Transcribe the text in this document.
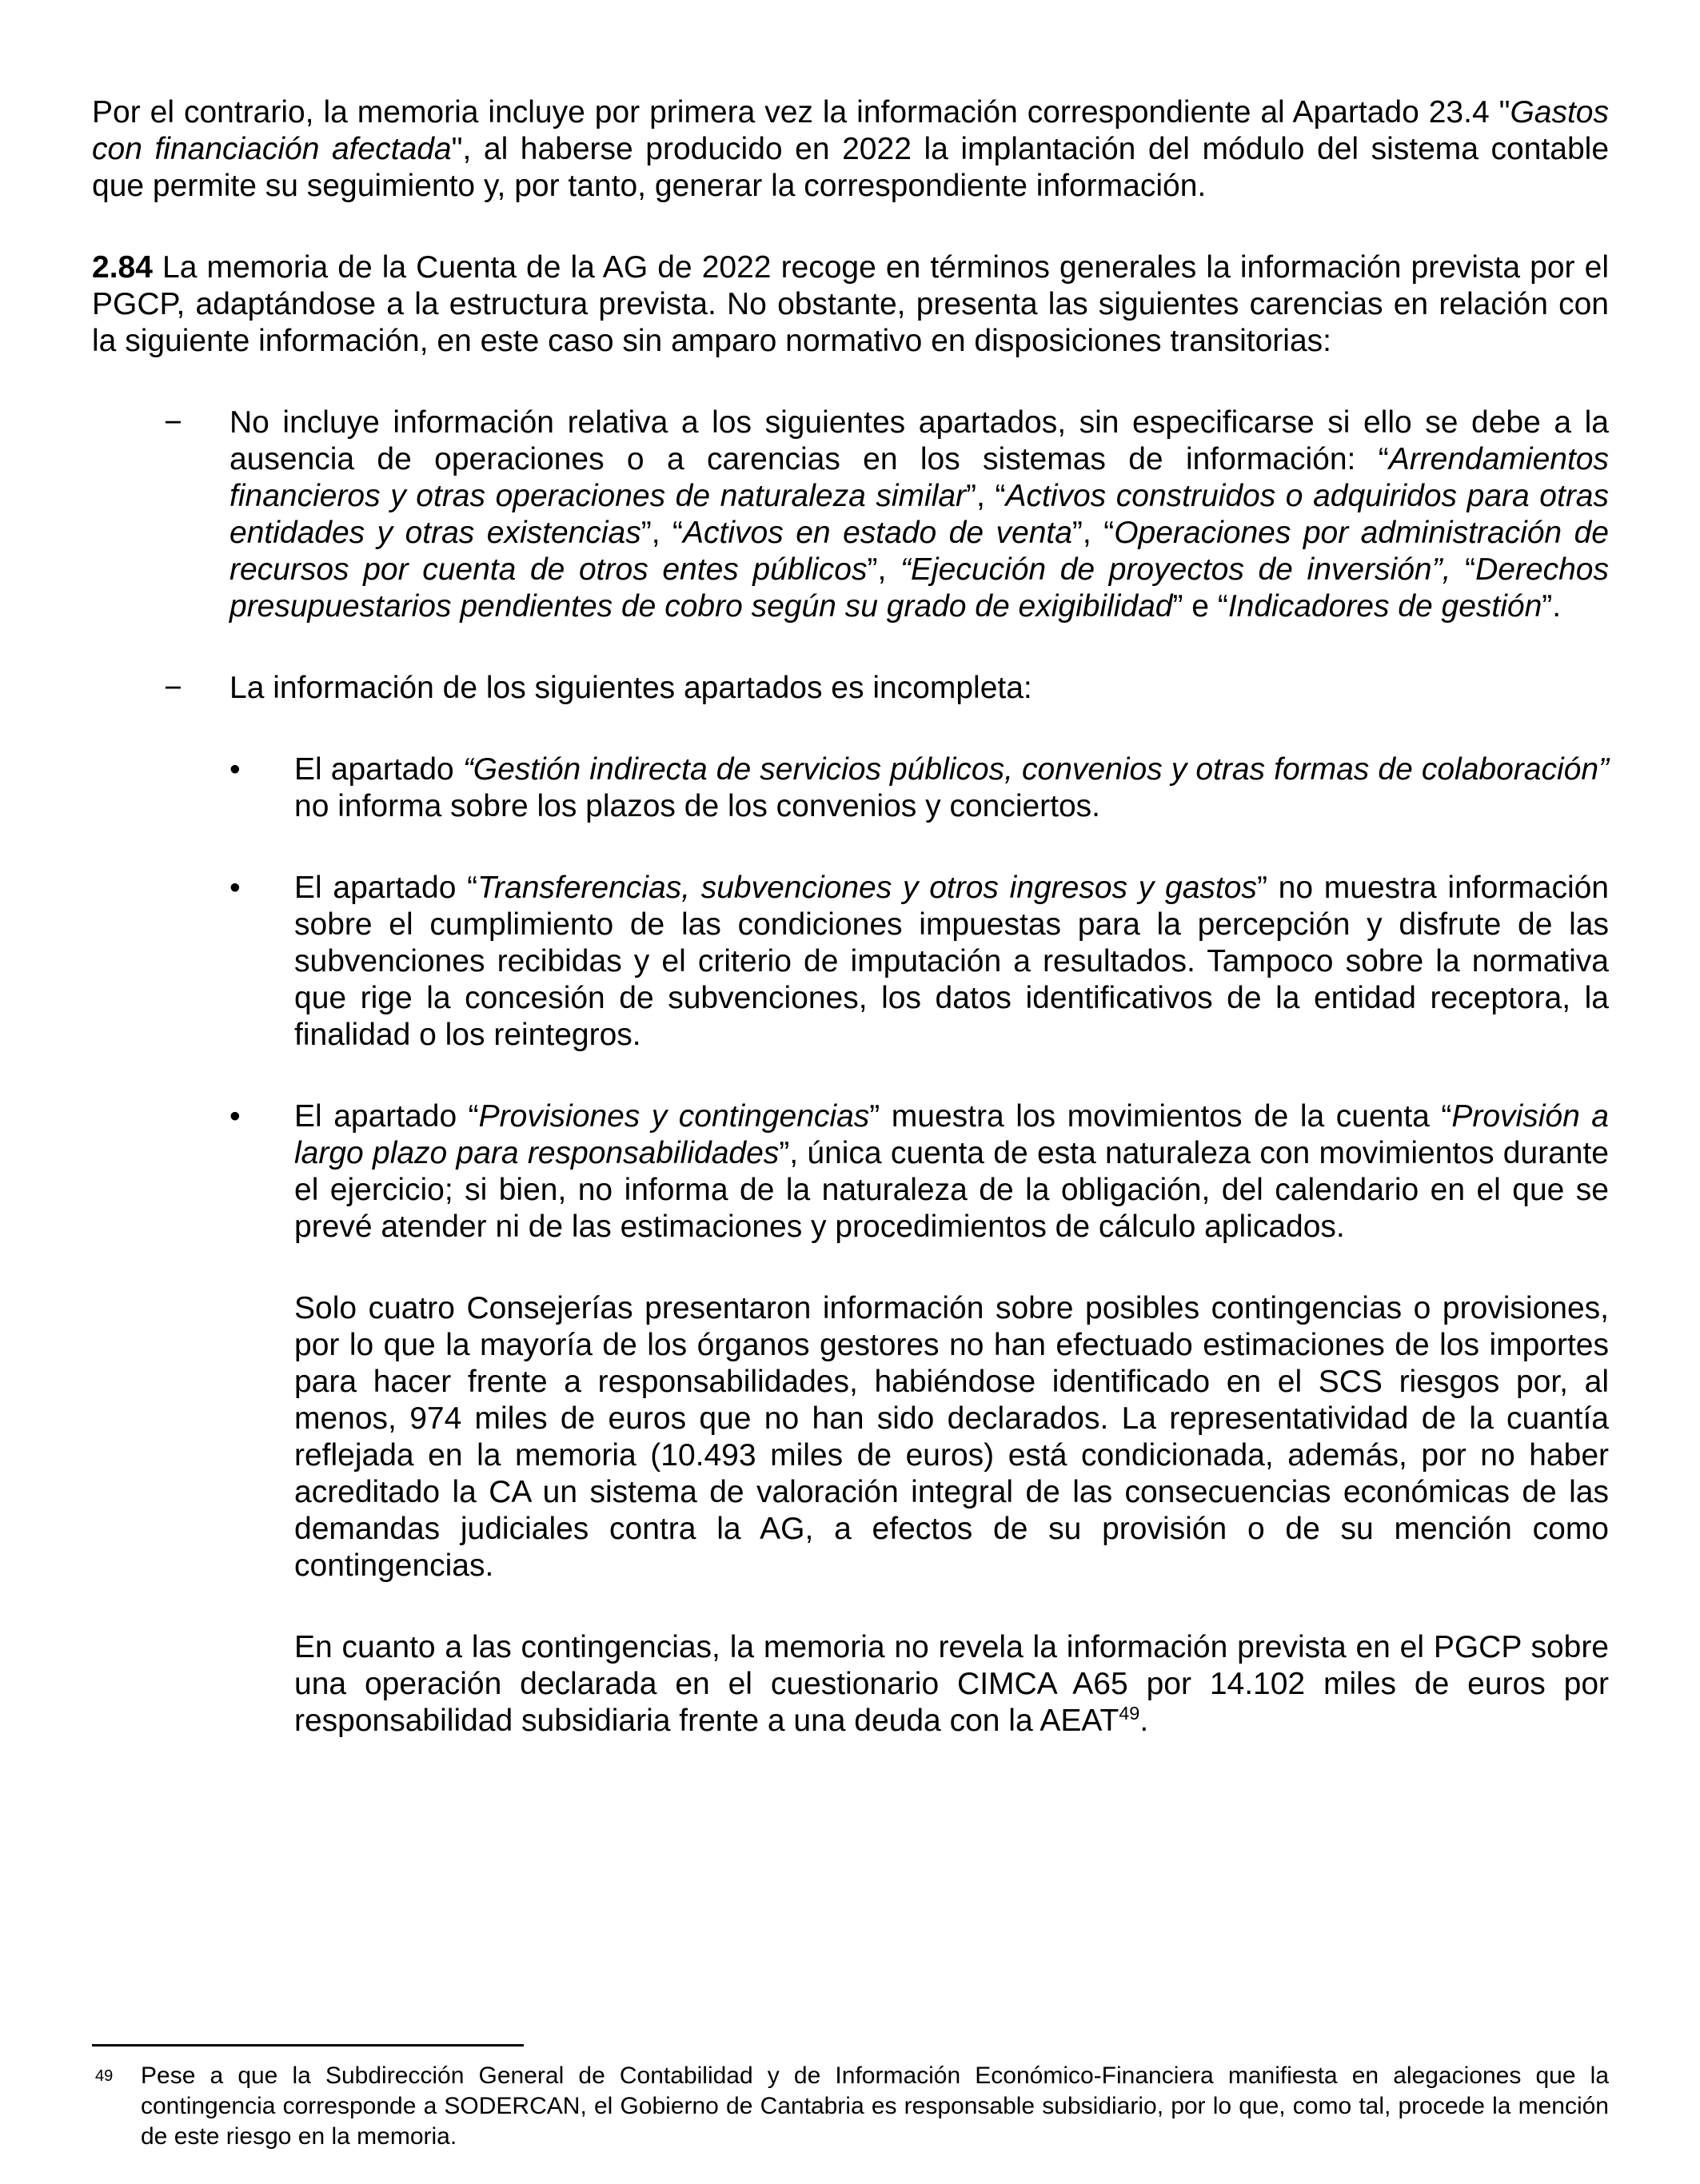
Por el contrario, la memoria incluye por primera vez la información correspondiente al Apartado 23.4 "Gastos con financiación afectada", al haberse producido en 2022 la implantación del módulo del sistema contable que permite su seguimiento y, por tanto, generar la correspondiente información.

2.84 La memoria de la Cuenta de la AG de 2022 recoge en términos generales la información prevista por el PGCP, adaptándose a la estructura prevista. No obstante, presenta las siguientes carencias en relación con la siguiente información, en este caso sin amparo normativo en disposiciones transitorias:

−	No incluye información relativa a los siguientes apartados, sin especificarse si ello se debe a la ausencia de operaciones o a carencias en los sistemas de información: “Arrendamientos financieros y otras operaciones de naturaleza similar”, “Activos construidos o adquiridos para otras entidades y otras existencias”, “Activos en estado de venta”, “Operaciones por administración de recursos por cuenta de otros entes públicos”, “Ejecución de proyectos de inversión”, “Derechos presupuestarios pendientes de cobro según su grado de exigibilidad” e “Indicadores de gestión”.
−	La información de los siguientes apartados es incompleta:
•	El apartado “Gestión indirecta de servicios públicos, convenios y otras formas de colaboración” no informa sobre los plazos de los convenios y conciertos.
•	El apartado “Transferencias, subvenciones y otros ingresos y gastos” no muestra información sobre el cumplimiento de las condiciones impuestas para la percepción y disfrute de las subvenciones recibidas y el criterio de imputación a resultados. Tampoco sobre la normativa que rige la concesión de subvenciones, los datos identificativos de la entidad receptora, la finalidad o los reintegros.
•	El apartado “Provisiones y contingencias” muestra los movimientos de la cuenta “Provisión a largo plazo para responsabilidades”, única cuenta de esta naturaleza con movimientos durante el ejercicio; si bien, no informa de la naturaleza de la obligación, del calendario en el que se prevé atender ni de las estimaciones y procedimientos de cálculo aplicados.

Solo cuatro Consejerías presentaron información sobre posibles contingencias o provisiones, por lo que la mayoría de los órganos gestores no han efectuado estimaciones de los importes para hacer frente a responsabilidades, habiéndose identificado en el SCS riesgos por, al menos, 974 miles de euros que no han sido declarados. La representatividad de la cuantía reflejada en la memoria (10.493 miles de euros) está condicionada, además, por no haber acreditado la CA un sistema de valoración integral de las consecuencias económicas de las demandas judiciales contra la AG, a efectos de su provisión o de su mención como contingencias.

En cuanto a las contingencias, la memoria no revela la información prevista en el PGCP sobre una operación declarada en el cuestionario CIMCA A65 por 14.102 miles de euros por responsabilidad subsidiaria frente a una deuda con la AEAT$^{49}$.

49	Pese a que la Subdirección General de Contabilidad y de Información Económico-Financiera manifiesta en alegaciones que la contingencia corresponde a SODERCAN, el Gobierno de Cantabria es responsable subsidiario, por lo que, como tal, procede la mención de este riesgo en la memoria.
